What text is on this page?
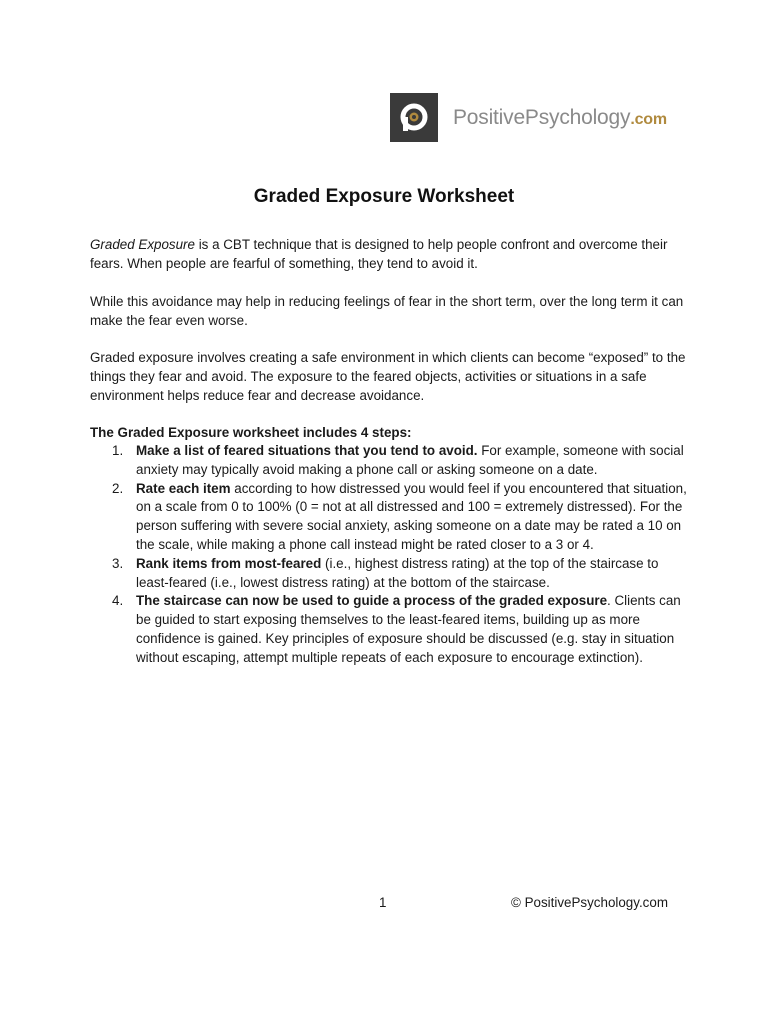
PositivePsychology .com
Graded Exposure Worksheet
Graded Exposure is a CBT technique that is designed to help people confront and overcome their fears. When people are fearful of something, they tend to avoid it.
While this avoidance may help in reducing feelings of fear in the short term, over the long term it can make the fear even worse.
Graded exposure involves creating a safe environment in which clients can become “exposed” to the things they fear and avoid. The exposure to the feared objects, activities or situations in a safe environment helps reduce fear and decrease avoidance.
The Graded Exposure worksheet includes 4 steps:
1. Make a list of feared situations that you tend to avoid. For example, someone with social anxiety may typically avoid making a phone call or asking someone on a date.
2. Rate each item according to how distressed you would feel if you encountered that situation, on a scale from 0 to 100% (0 = not at all distressed and 100 = extremely distressed). For the person suffering with severe social anxiety, asking someone on a date may be rated a 10 on the scale, while making a phone call instead might be rated closer to a 3 or 4.
3. Rank items from most-feared (i.e., highest distress rating) at the top of the staircase to least-feared (i.e., lowest distress rating) at the bottom of the staircase.
4. The staircase can now be used to guide a process of the graded exposure. Clients can be guided to start exposing themselves to the least-feared items, building up as more confidence is gained. Key principles of exposure should be discussed (e.g. stay in situation without escaping, attempt multiple repeats of each exposure to encourage extinction).
1	© PositivePsychology.com
